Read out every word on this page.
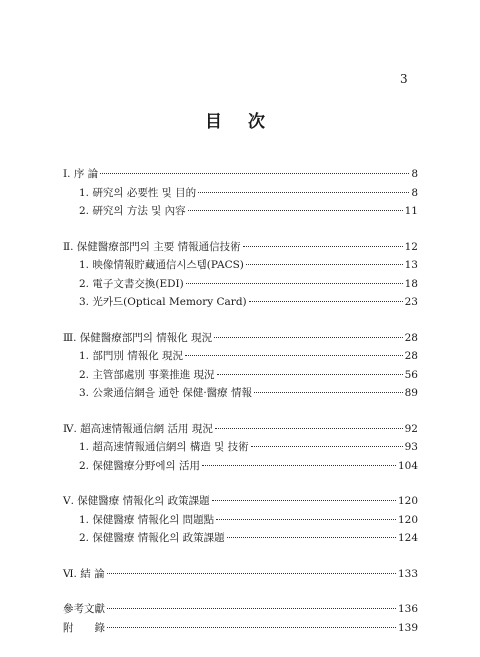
3
目 次
Ⅰ. 序 論	8
1. 硏究의 必要性 및 目的	8
2. 硏究의 方法 및 內容	11
Ⅱ. 保健醫療部門의 主要 情報通信技術	12
1. 映像情報貯藏通信시스템(PACS)	13
2. 電子文書交換(EDI)	18
3. 光카드(Optical Memory Card)	23
Ⅲ. 保健醫療部門의 情報化 現況	28
1. 部門別 情報化 現況	28
2. 主管部處別 事業推進 現況	56
3. 公衆通信網을 通한 保健·醫療 情報	89
Ⅳ. 超高速情報通信網 活用 現況	92
1. 超高速情報通信網의 構造 및 技術	93
2. 保健醫療分野에의 活用	104
Ⅴ. 保健醫療 情報化의 政策課題	120
1. 保健醫療 情報化의 問題點	120
2. 保健醫療 情報化의 政策課題	124
Ⅵ. 結 論	133
參考文獻	136
附　　錄	139
